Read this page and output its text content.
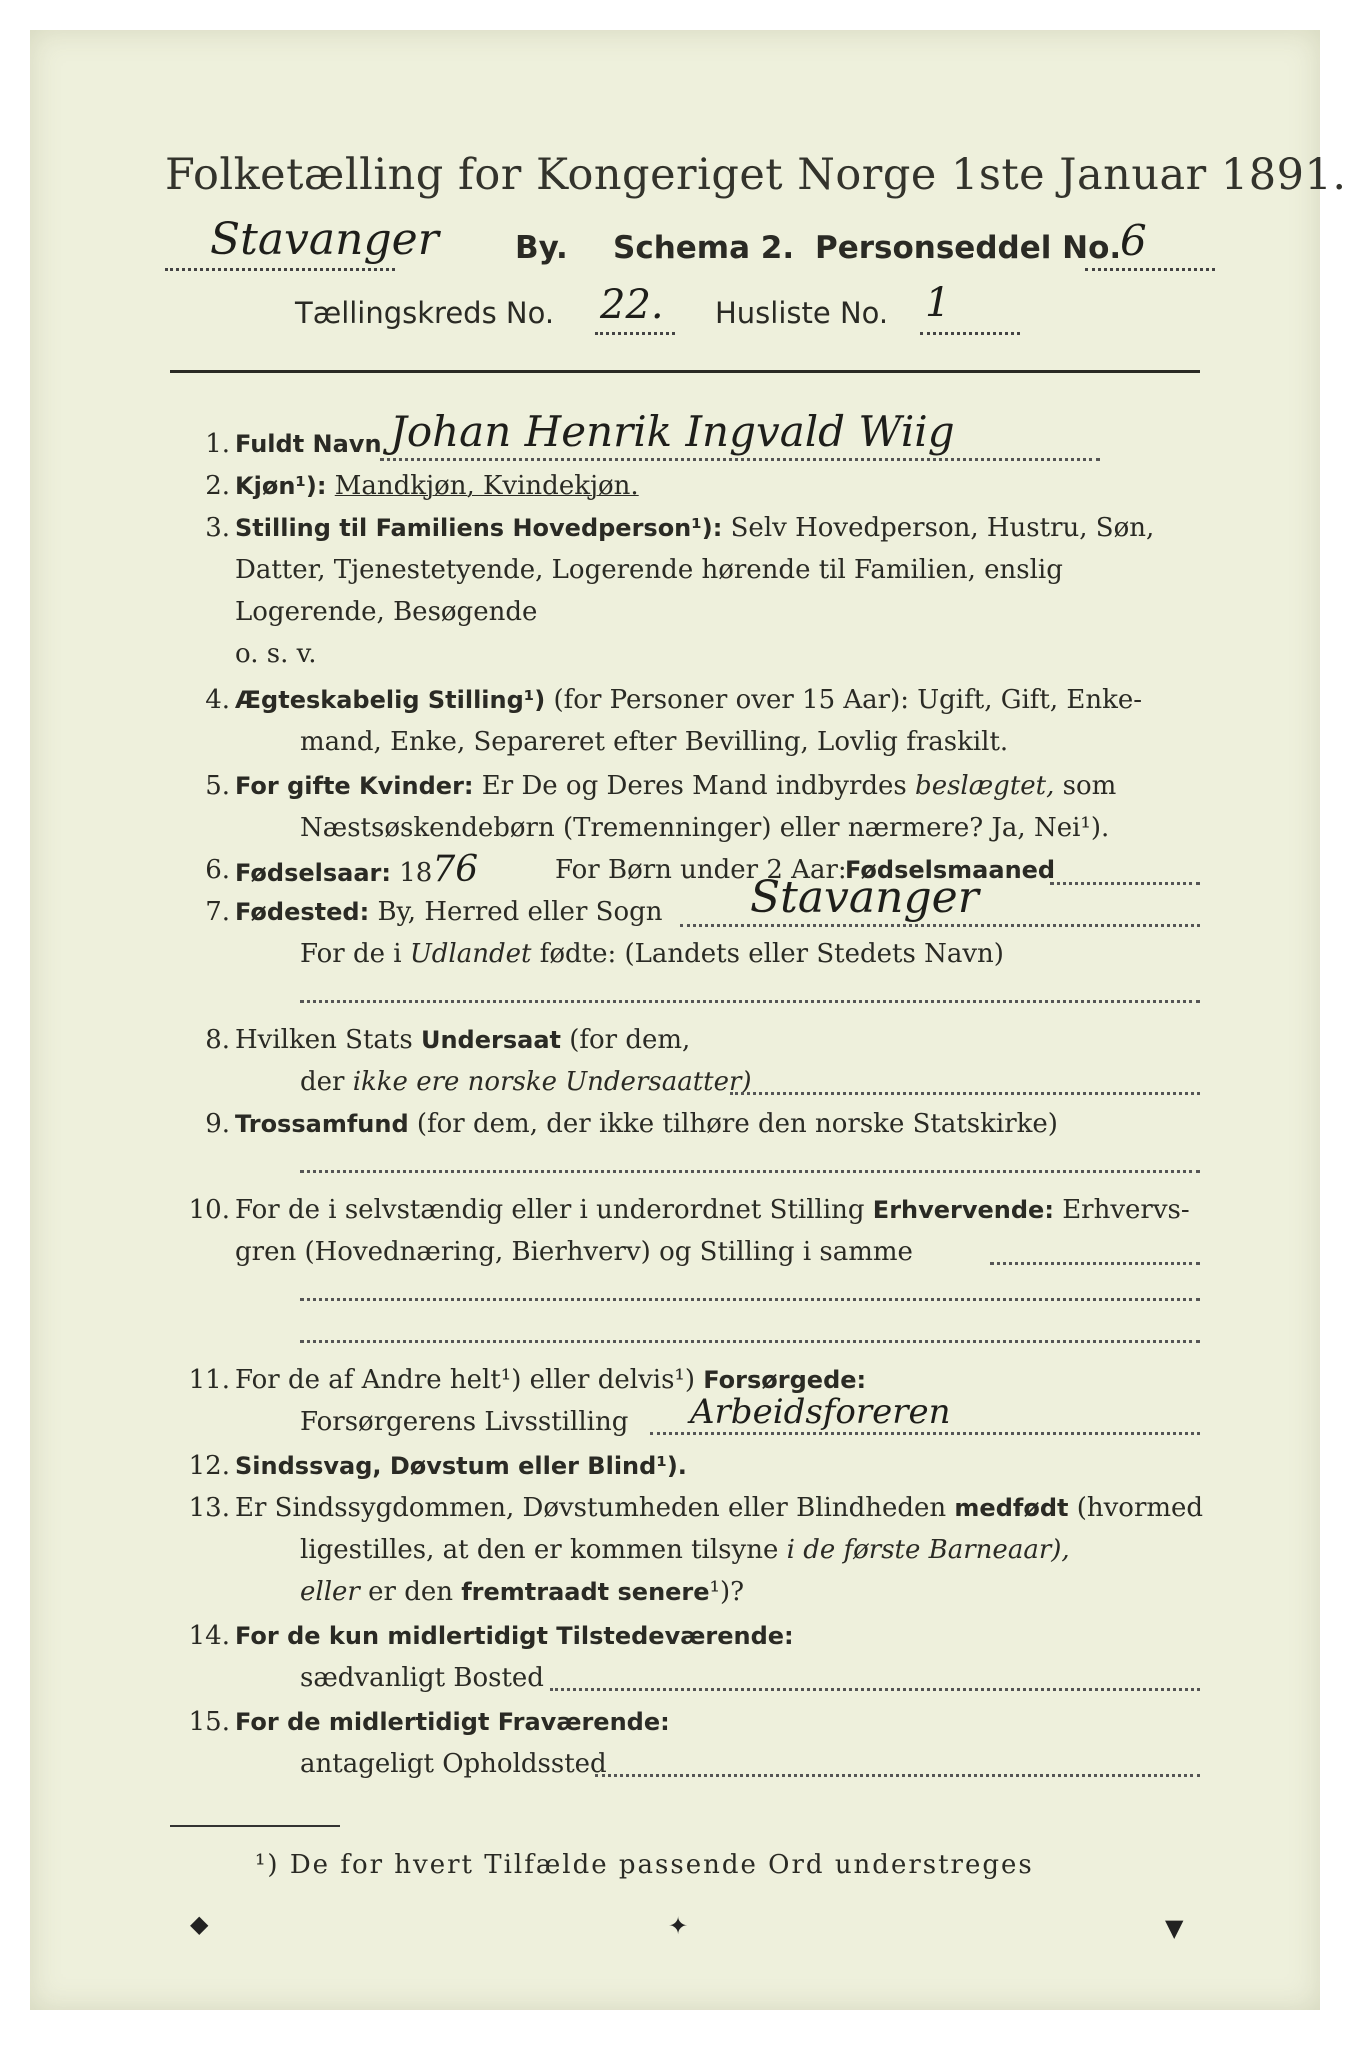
Folketælling for Kongeriget Norge 1ste Januar 1891.
Stavanger By. Schema 2. Personseddel No.
6
Tællingskreds No. 22. Husliste No. 1
1. Fuldt Navn Johan Henrik Ingvald Wiig
2. Kjøn¹): Mandkjøn, Kvindekjøn.
3. Stilling til Familiens Hovedperson¹): Selv Hovedperson, Hustru, Søn,
Datter, Tjenestetyende, Logerende hørende til Familien, enslig
Logerende, Besøgende
o. s. v.
4. Ægteskabelig Stilling¹) (for Personer over 15 Aar): Ugift, Gift, Enke-
mand, Enke, Separeret efter Bevilling, Lovlig fraskilt.
5. For gifte Kvinder: Er De og Deres Mand indbyrdes beslægtet, som
Næstsøskendebørn (Tremenninger) eller nærmere? Ja, Nei¹).
6. Fødselsaar: 1876	For Børn under 2 Aar:
Fødselsmaaned
7. Fødested: By, Herred eller Sogn	Stavanger
For de i Udlandet fødte: (Landets eller Stedets Navn)
8. Hvilken Stats Undersaat (for dem,
der ikke ere norske Undersaatter)
9. Trossamfund (for dem, der ikke tilhøre den norske Statskirke)
10. For de i selvstændig eller i underordnet Stilling Erhvervende: Erhvervs-
gren (Hovednæring, Bierhverv) og Stilling i samme
11. For de af Andre helt¹) eller delvis¹) Forsørgede:
Forsørgerens Livsstilling	Arbeidsforeren
12. Sindssvag, Døvstum eller Blind¹).
13. Er Sindssygdommen, Døvstumheden eller Blindheden medfødt (hvormed
ligestilles, at den er kommen tilsyne i de første Barneaar),
eller er den fremtraadt senere¹)?
14. For de kun midlertidigt Tilstedeværende:
sædvanligt Bosted
15. For de midlertidigt Fraværende:
antageligt Opholdssted
¹) De for hvert Tilfælde passende Ord understreges
◆	✦	▼
